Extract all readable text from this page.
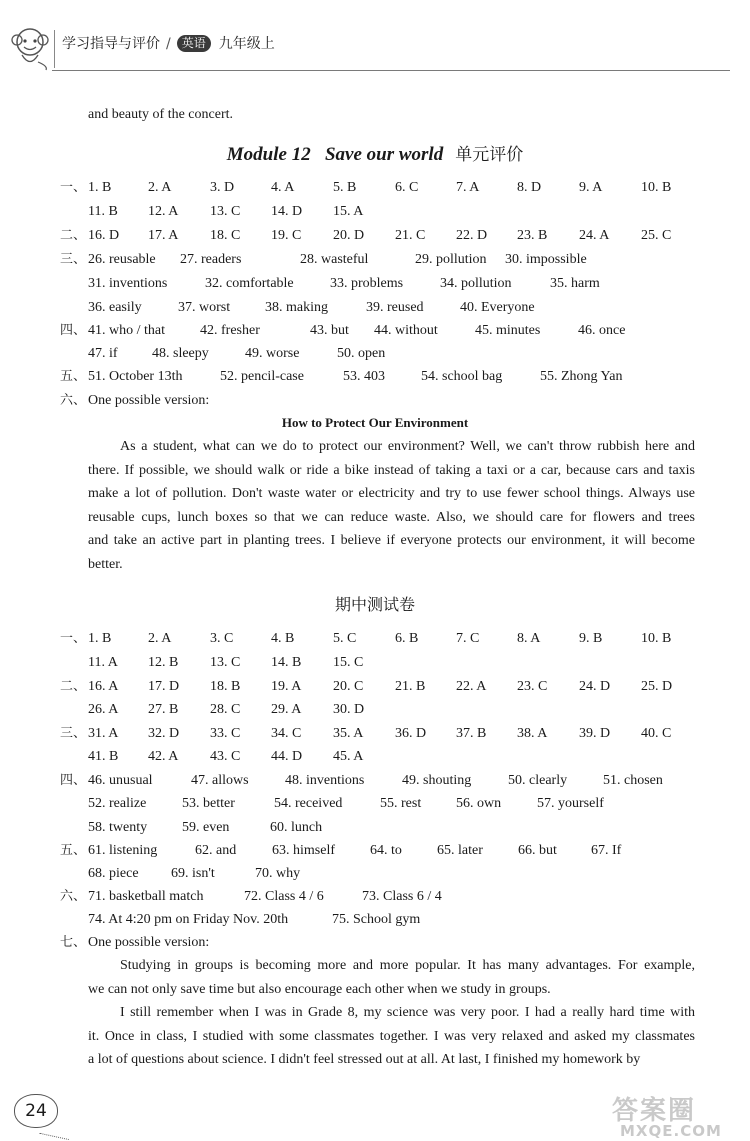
学习指导与评价 / 英语 九年级上
and beauty of the concert.
Module 12   Save our world 单元评价
一、 1. B	2. A	3. D	4. A	5. B	6. C	7. A	8. D	9. A	10. B
11. B 12. A 13. C 14. D 15. A
二、 16. D 17. A 18. C 19. C 20. D 21. C 22. D 23. B 24. A 25. C
三、 26. reusable 27. readers	28. wasteful	29. pollution 30. impossible
31. inventions	32. comfortable	33. problems	34. pollution	35. harm
36. easily	37. worst 38. making	39. reused	40. Everyone
四、 41. who / that	42. fresher	43. but 44. without	45. minutes	46. once
47. if 48. sleepy	49. worse	50. open
五、 51. October 13th	52. pencil-case	53. 403	54. school bag	55. Zhong Yan
六、 One possible version:
How to Protect Our Environment
As a student, what can we do to protect our environment? Well, we can't throw rubbish here and
there. If possible, we should walk or ride a bike instead of taking a taxi or a car, because cars and taxis
make a lot of pollution. Don't waste water or electricity and try to use fewer school things. Always use
reusable cups, lunch boxes so that we can reduce waste. Also, we should care for flowers and trees
and take an active part in planting trees. I believe if everyone protects our environment, it will become
better.
期中测试卷
一、 1. B	2. A	3. C	4. B	5. C	6. B	7. C	8. A	9. B	10. B
11. A 12. B 13. C 14. B 15. C
二、 16. A 17. D 18. B 19. A 20. C 21. B 22. A 23. C 24. D 25. D
26. A 27. B 28. C 29. A 30. D
三、 31. A 32. D 33. C 34. C 35. A 36. D 37. B 38. A 39. D 40. C
41. B 42. A 43. C 44. D 45. A
四、 46. unusual	47. allows	48. inventions	49. shouting	50. clearly	51. chosen
52. realize	53. better	54. received	55. rest 56. own	57. yourself
58. twenty 59. even	60. lunch
五、 61. listening	62. and	63. himself	64. to	65. later	66. but 67. If
68. piece 69. isn't	70. why
六、 71. basketball match	72. Class 4 / 6	73. Class 6 / 4
74. At 4:20 pm on Friday Nov. 20th	75. School gym
七、 One possible version:
Studying in groups is becoming more and more popular. It has many advantages. For example,
we can not only save time but also encourage each other when we study in groups.
I still remember when I was in Grade 8, my science was very poor. I had a really hard time with
it. Once in class, I studied with some classmates together. I was very relaxed and asked my classmates
a lot of questions about science. I didn't feel stressed out at all. At last, I finished my homework by
24	答案圈
MXQE.COM
